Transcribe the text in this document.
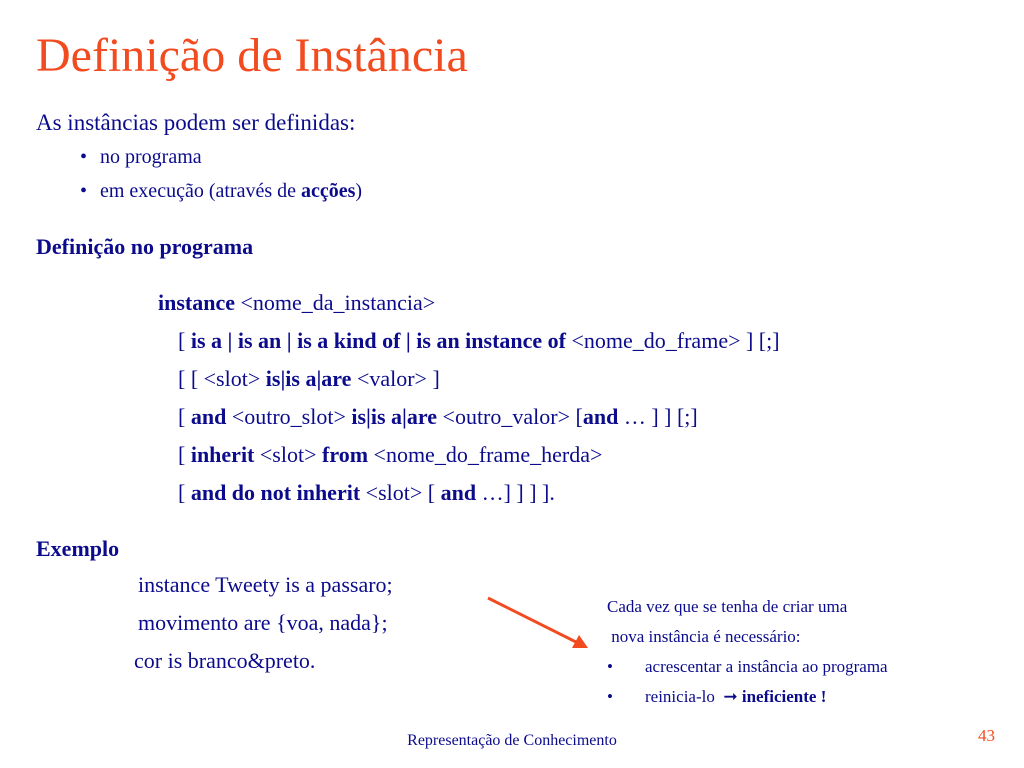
Definição de Instância
As instâncias podem ser definidas:
• no programa
• em execução (através de acções)
Definição no programa
instance <nome_da_instancia>
[ is a | is an | is a kind of | is an instance of <nome_do_frame> ] [;]
[ [ <slot> is|is a|are <valor> ]
[ and <outro_slot> is|is a|are <outro_valor> [and … ] ] [;]
[ inherit <slot> from <nome_do_frame_herda>
[ and do not inherit <slot> [ and …] ] ] ].
Exemplo
instance Tweety is a passaro;
movimento are {voa, nada};
cor is branco&preto.
Cada vez que se tenha de criar uma
nova instância é necessário:
• acrescentar a instância ao programa
• reinicia-lo  ➞ ineficiente !
Representação de Conhecimento	43
